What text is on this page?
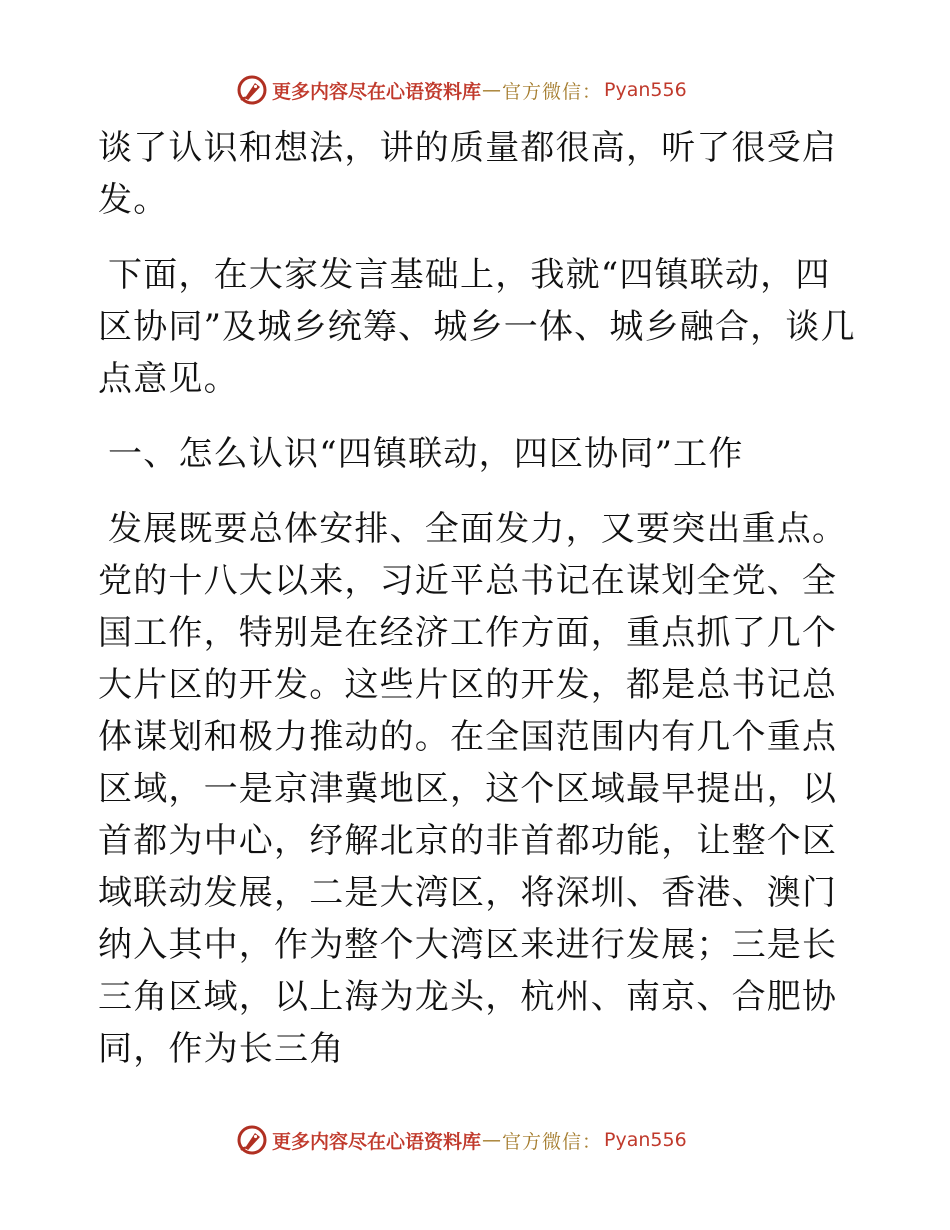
更多内容尽在心语资料库 — 官方微信： Pyan556

谈了认识和想法，讲的质量都很高，听了很受启发。

下面，在大家发言基础上，我就“四镇联动，四区协同”及城乡统筹、城乡一体、城乡融合，谈几点意见。

一、怎么认识“四镇联动，四区协同”工作

发展既要总体安排、全面发力，又要突出重点。党的十八大以来，习近平总书记在谋划全党、全国工作，特别是在经济工作方面，重点抓了几个大片区的开发。这些片区的开发，都是总书记总体谋划和极力推动的。在全国范围内有几个重点区域，一是京津冀地区，这个区域最早提出，以首都为中心，纾解北京的非首都功能，让整个区域联动发展，二是大湾区，将深圳、香港、澳门纳入其中，作为整个大湾区来进行发展；三是长三角区域，以上海为龙头，杭州、南京、合肥协同，作为长三角

更多内容尽在心语资料库 — 官方微信： Pyan556
